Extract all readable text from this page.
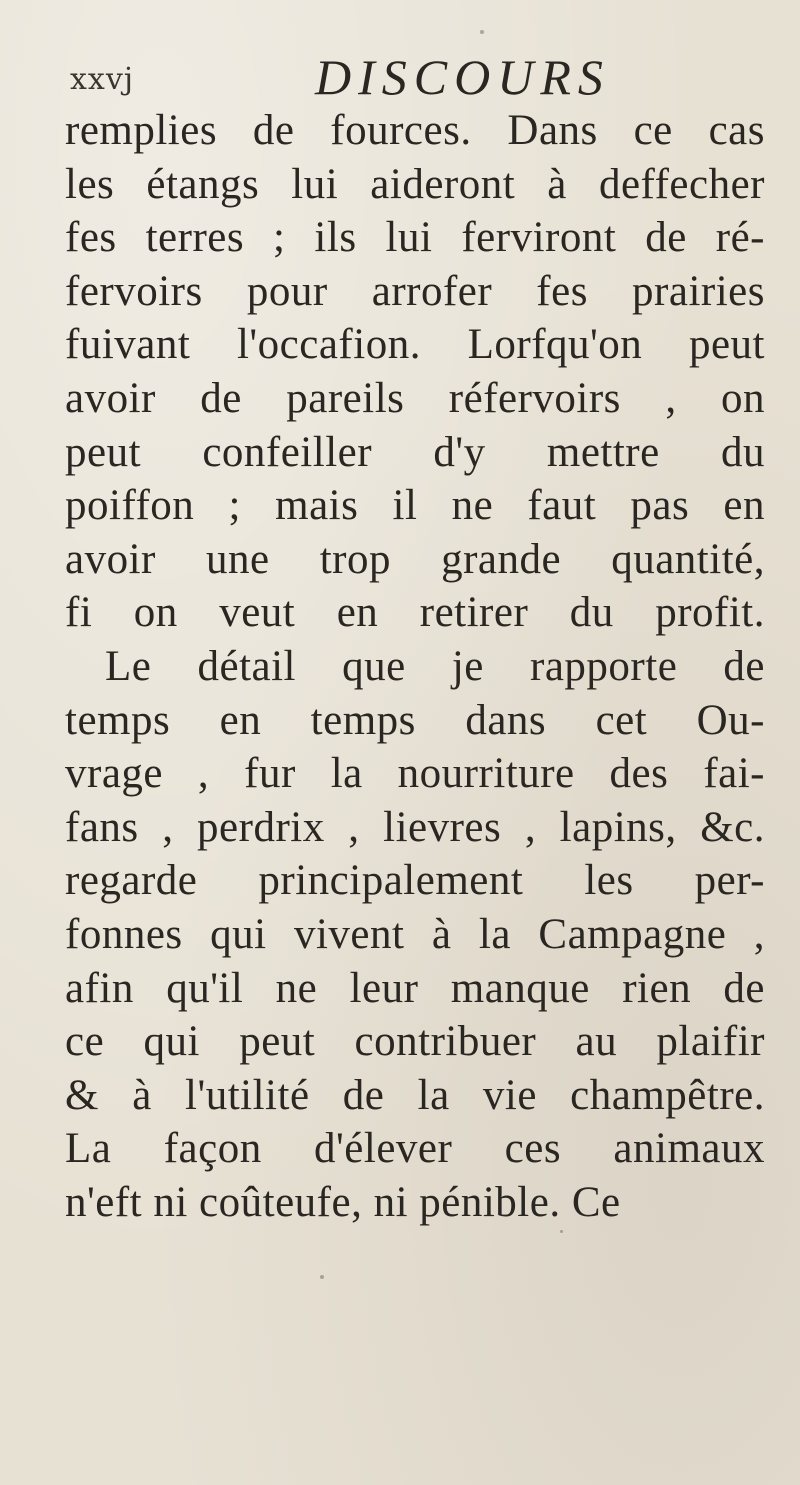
xxvj	DISCOURS
remplies de fources. Dans ce cas
les étangs lui aideront à deffecher
fes terres ; ils lui ferviront de ré-
fervoirs pour arrofer fes prairies
fuivant l'occafion. Lorfqu'on peut
avoir de pareils réfervoirs , on
peut confeiller d'y mettre du
poiffon ; mais il ne faut pas en
avoir une trop grande quantité,
fi on veut en retirer du profit.
Le détail que je rapporte de
temps en temps dans cet Ou-
vrage , fur la nourriture des fai-
fans , perdrix , lievres , lapins, &c.
regarde principalement les per-
fonnes qui vivent à la Campagne ,
afin qu'il ne leur manque rien de
ce qui peut contribuer au plaifir
& à l'utilité de la vie champêtre.
La façon d'élever ces animaux
n'eft ni coûteufe, ni pénible. Ce
